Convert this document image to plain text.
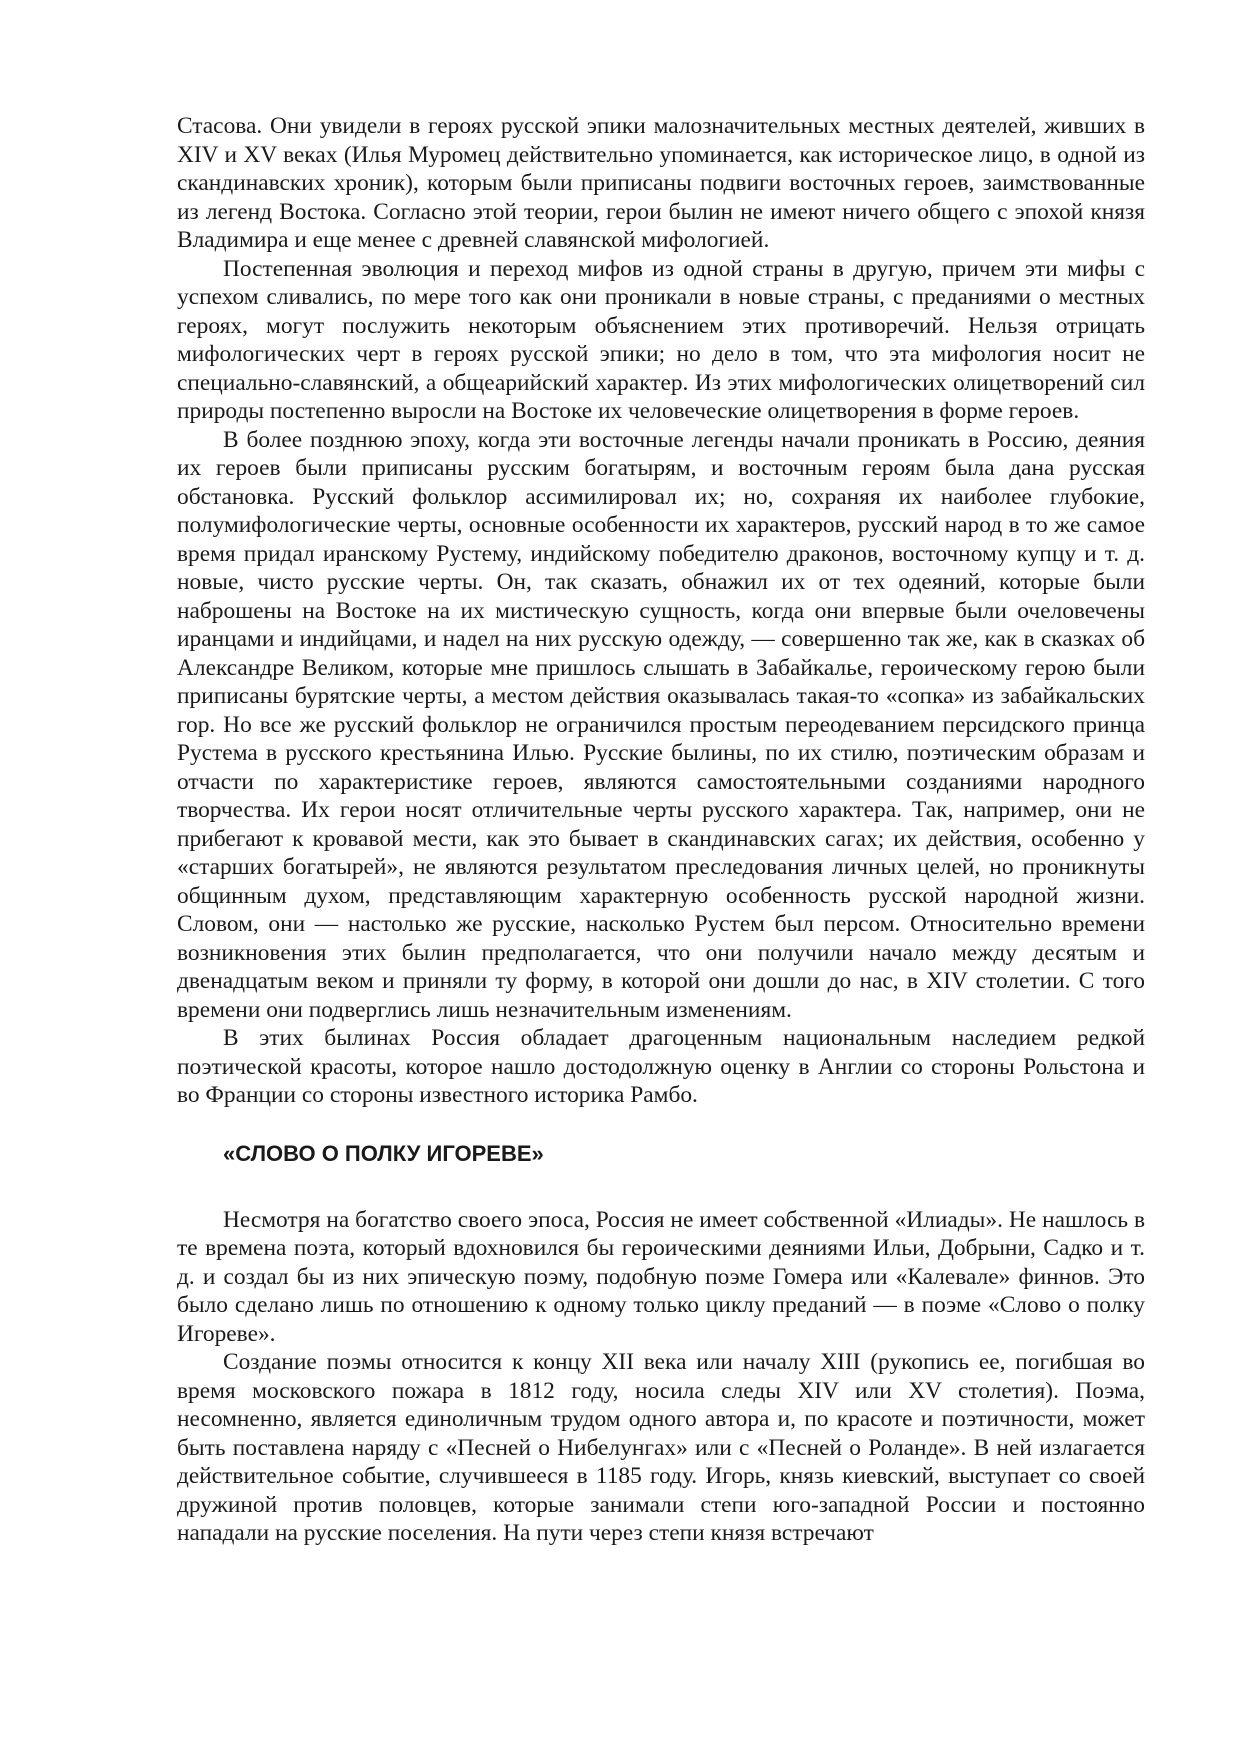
Стасова. Они увидели в героях русской эпики малозначительных местных деятелей, живших в XIV и XV веках (Илья Муромец действительно упоминается, как историческое лицо, в одной из скандинавских хроник), которым были приписаны подвиги восточных героев, заимствованные из легенд Востока. Согласно этой теории, герои былин не имеют ничего общего с эпохой князя Владимира и еще менее с древней славянской мифологией.

Постепенная эволюция и переход мифов из одной страны в другую, причем эти мифы с успехом сливались, по мере того как они проникали в новые страны, с преданиями о местных героях, могут послужить некоторым объяснением этих противоречий. Нельзя отрицать мифологических черт в героях русской эпики; но дело в том, что эта мифология носит не специально-славянский, а общеарийский характер. Из этих мифологических олицетворений сил природы постепенно выросли на Востоке их человеческие олицетворения в форме героев.

В более позднюю эпоху, когда эти восточные легенды начали проникать в Россию, деяния их героев были приписаны русским богатырям, и восточным героям была дана русская обстановка. Русский фольклор ассимилировал их; но, сохраняя их наиболее глубокие, полумифологические черты, основные особенности их характеров, русский народ в то же самое время придал иранскому Рустему, индийскому победителю драконов, восточному купцу и т. д. новые, чисто русские черты. Он, так сказать, обнажил их от тех одеяний, которые были наброшены на Востоке на их мистическую сущность, когда они впервые были очеловечены иранцами и индийцами, и надел на них русскую одежду, — совершенно так же, как в сказках об Александре Великом, которые мне пришлось слышать в Забайкалье, героическому герою были приписаны бурятские черты, а местом действия оказывалась такая-то «сопка» из забайкальских гор. Но все же русский фольклор не ограничился простым переодеванием персидского принца Рустема в русского крестьянина Илью. Русские былины, по их стилю, поэтическим образам и отчасти по характеристике героев, являются самостоятельными созданиями народного творчества. Их герои носят отличительные черты русского характера. Так, например, они не прибегают к кровавой мести, как это бывает в скандинавских сагах; их действия, особенно у «старших богатырей», не являются результатом преследования личных целей, но проникнуты общинным духом, представляющим характерную особенность русской народной жизни. Словом, они — настолько же русские, насколько Рустем был персом. Относительно времени возникновения этих былин предполагается, что они получили начало между десятым и двенадцатым веком и приняли ту форму, в которой они дошли до нас, в XIV столетии. С того времени они подверглись лишь незначительным изменениям.

В этих былинах Россия обладает драгоценным национальным наследием редкой поэтической красоты, которое нашло достодолжную оценку в Англии со стороны Рольстона и во Франции со стороны известного историка Рамбо.

«СЛОВО О ПОЛКУ ИГОРЕВЕ»

Несмотря на богатство своего эпоса, Россия не имеет собственной «Илиады». Не нашлось в те времена поэта, который вдохновился бы героическими деяниями Ильи, Добрыни, Садко и т. д. и создал бы из них эпическую поэму, подобную поэме Гомера или «Калевале» финнов. Это было сделано лишь по отношению к одному только циклу преданий — в поэме «Слово о полку Игореве».

Создание поэмы относится к концу XII века или началу XIII (рукопись ее, погибшая во время московского пожара в 1812 году, носила следы XIV или XV столетия). Поэма, несомненно, является единоличным трудом одного автора и, по красоте и поэтичности, может быть поставлена наряду с «Песней о Нибелунгах» или с «Песней о Роланде». В ней излагается действительное событие, случившееся в 1185 году. Игорь, князь киевский, выступает со своей дружиной против половцев, которые занимали степи юго-западной России и постоянно нападали на русские поселения. На пути через степи князя встречают
